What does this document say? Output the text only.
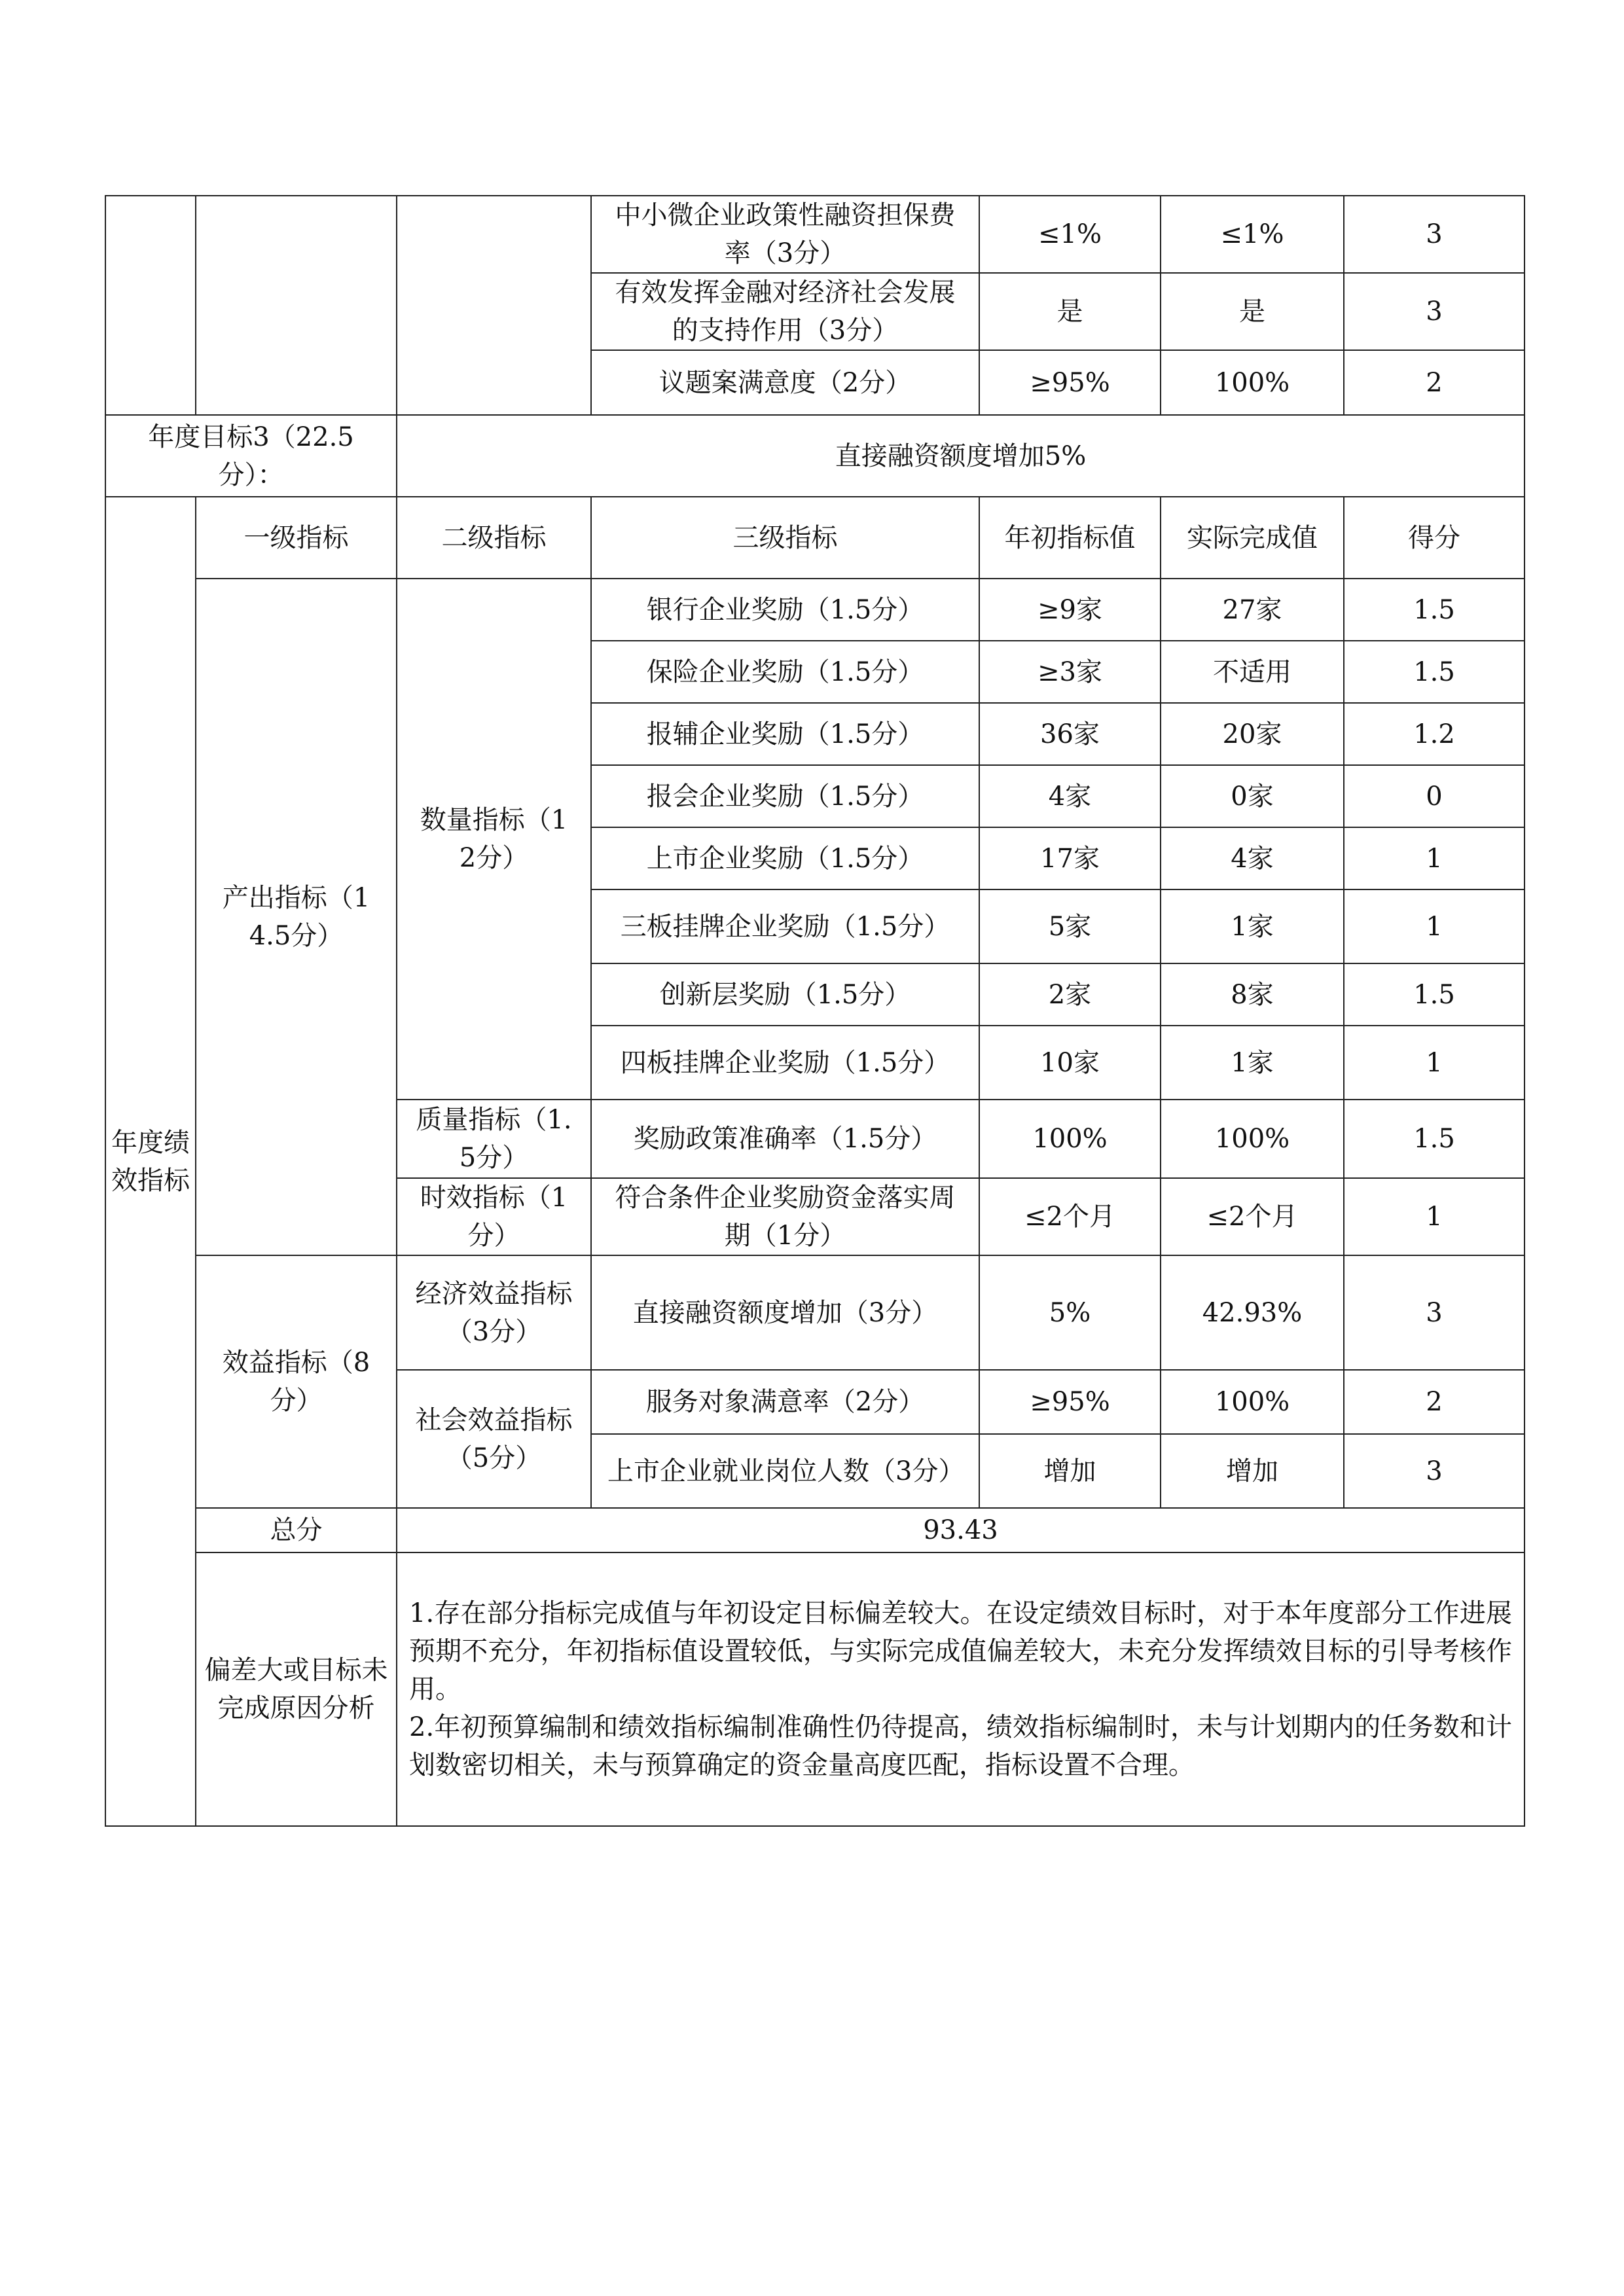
			中小微企业政策性融资担保费率（3分）	≤1%	≤1%	3
			有效发挥金融对经济社会发展的支持作用（3分）	是	是	3
			议题案满意度（2分）	≥95%	100%	2
年度目标3（22.5分）：		直接融资额度增加5%				
年度绩效指标	一级指标	二级指标	三级指标	年初指标值	实际完成值	得分
	产出指标（14.5分）	数量指标（12分）	银行企业奖励（1.5分）	≥9家	27家	1.5
			保险企业奖励（1.5分）	≥3家	不适用	1.5
			报辅企业奖励（1.5分）	36家	20家	1.2
			报会企业奖励（1.5分）	4家	0家	0
			上市企业奖励（1.5分）	17家	4家	1
			三板挂牌企业奖励（1.5分）	5家	1家	1
			创新层奖励（1.5分）	2家	8家	1.5
			四板挂牌企业奖励（1.5分）	10家	1家	1
		质量指标（1.5分）	奖励政策准确率（1.5分）	100%	100%	1.5
		时效指标（1分）	符合条件企业奖励资金落实周期（1分）	≤2个月	≤2个月	1
	效益指标（8分）	经济效益指标（3分）	直接融资额度增加（3分）	5%	42.93%	3
		社会效益指标（5分）	服务对象满意率（2分）	≥95%	100%	2
			上市企业就业岗位人数（3分）	增加	增加	3
	总分	93.43				
	偏差大或目标未完成原因分析	1.存在部分指标完成值与年初设定目标偏差较大。在设定绩效目标时，对于本年度部分工作进展预期不充分，年初指标值设置较低，与实际完成值偏差较大，未充分发挥绩效目标的引导考核作用。

2.年初预算编制和绩效指标编制准确性仍待提高，绩效指标编制时，未与计划期内的任务数和计划数密切相关，未与预算确定的资金量高度匹配，指标设置不合理。				
